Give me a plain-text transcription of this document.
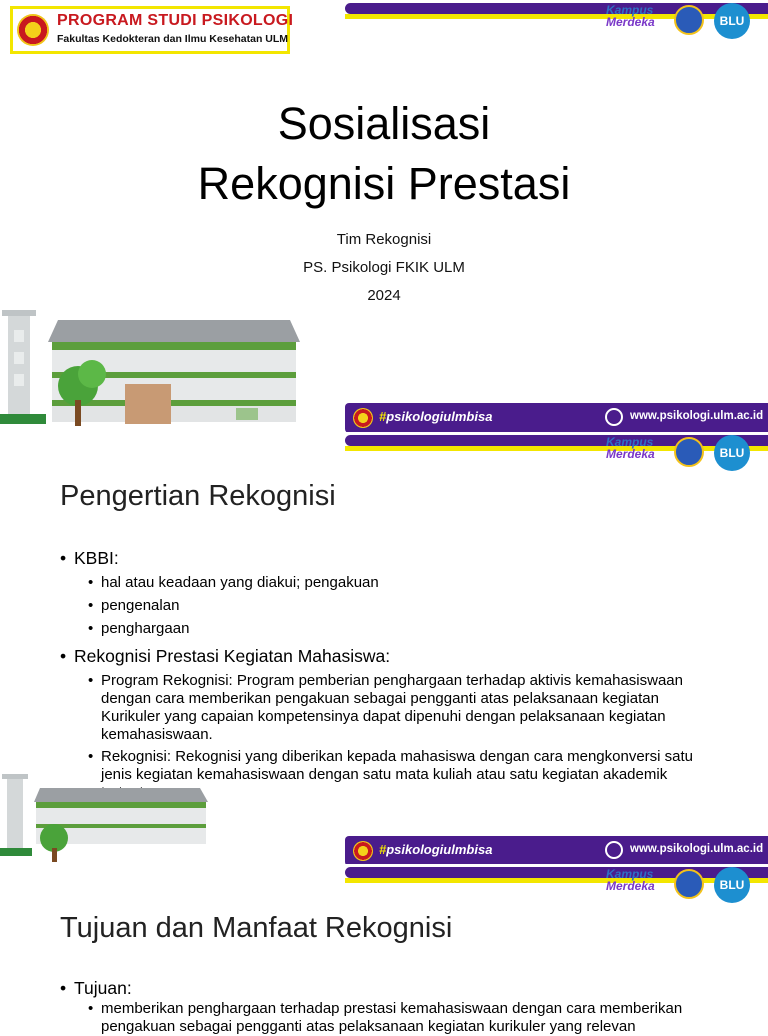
PROGRAM STUDI PSIKOLOGI
Fakultas Kedokteran dan Ilmu Kesehatan ULM
Kampus
Merdeka	BLU
Sosialisasi
Rekognisi Prestasi
Tim Rekognisi
PS. Psikologi FKIK ULM
2024
#psikologiulmbisa	www.psikologi.ulm.ac.id
Kampus
Merdeka	BLU
Pengertian Rekognisi
• KBBI:
• hal atau keadaan yang diakui; pengakuan
• pengenalan
• penghargaan
• Rekognisi Prestasi Kegiatan Mahasiswa:
• Program Rekognisi: Program pemberian penghargaan terhadap aktivis kemahasiswaan dengan cara memberikan pengakuan sebagai pengganti atas pelaksanaan kegiatan Kurikuler yang capaian kompetensinya dapat dipenuhi dengan pelaksanaan kegiatan kemahasiswaan.
• Rekognisi: Rekognisi yang diberikan kepada mahasiswa dengan cara mengkonversi satu jenis kegiatan kemahasiswaan dengan satu mata kuliah atau satu kegiatan akademik
#psikologiulmbisa	www.psikologi.ulm.ac.id
Kampus
Merdeka	BLU
Tujuan dan Manfaat Rekognisi
• Tujuan:
• memberikan penghargaan terhadap prestasi kemahasiswaan dengan cara memberikan pengakuan sebagai pengganti atas pelaksanaan kegiatan kurikuler yang relevan
